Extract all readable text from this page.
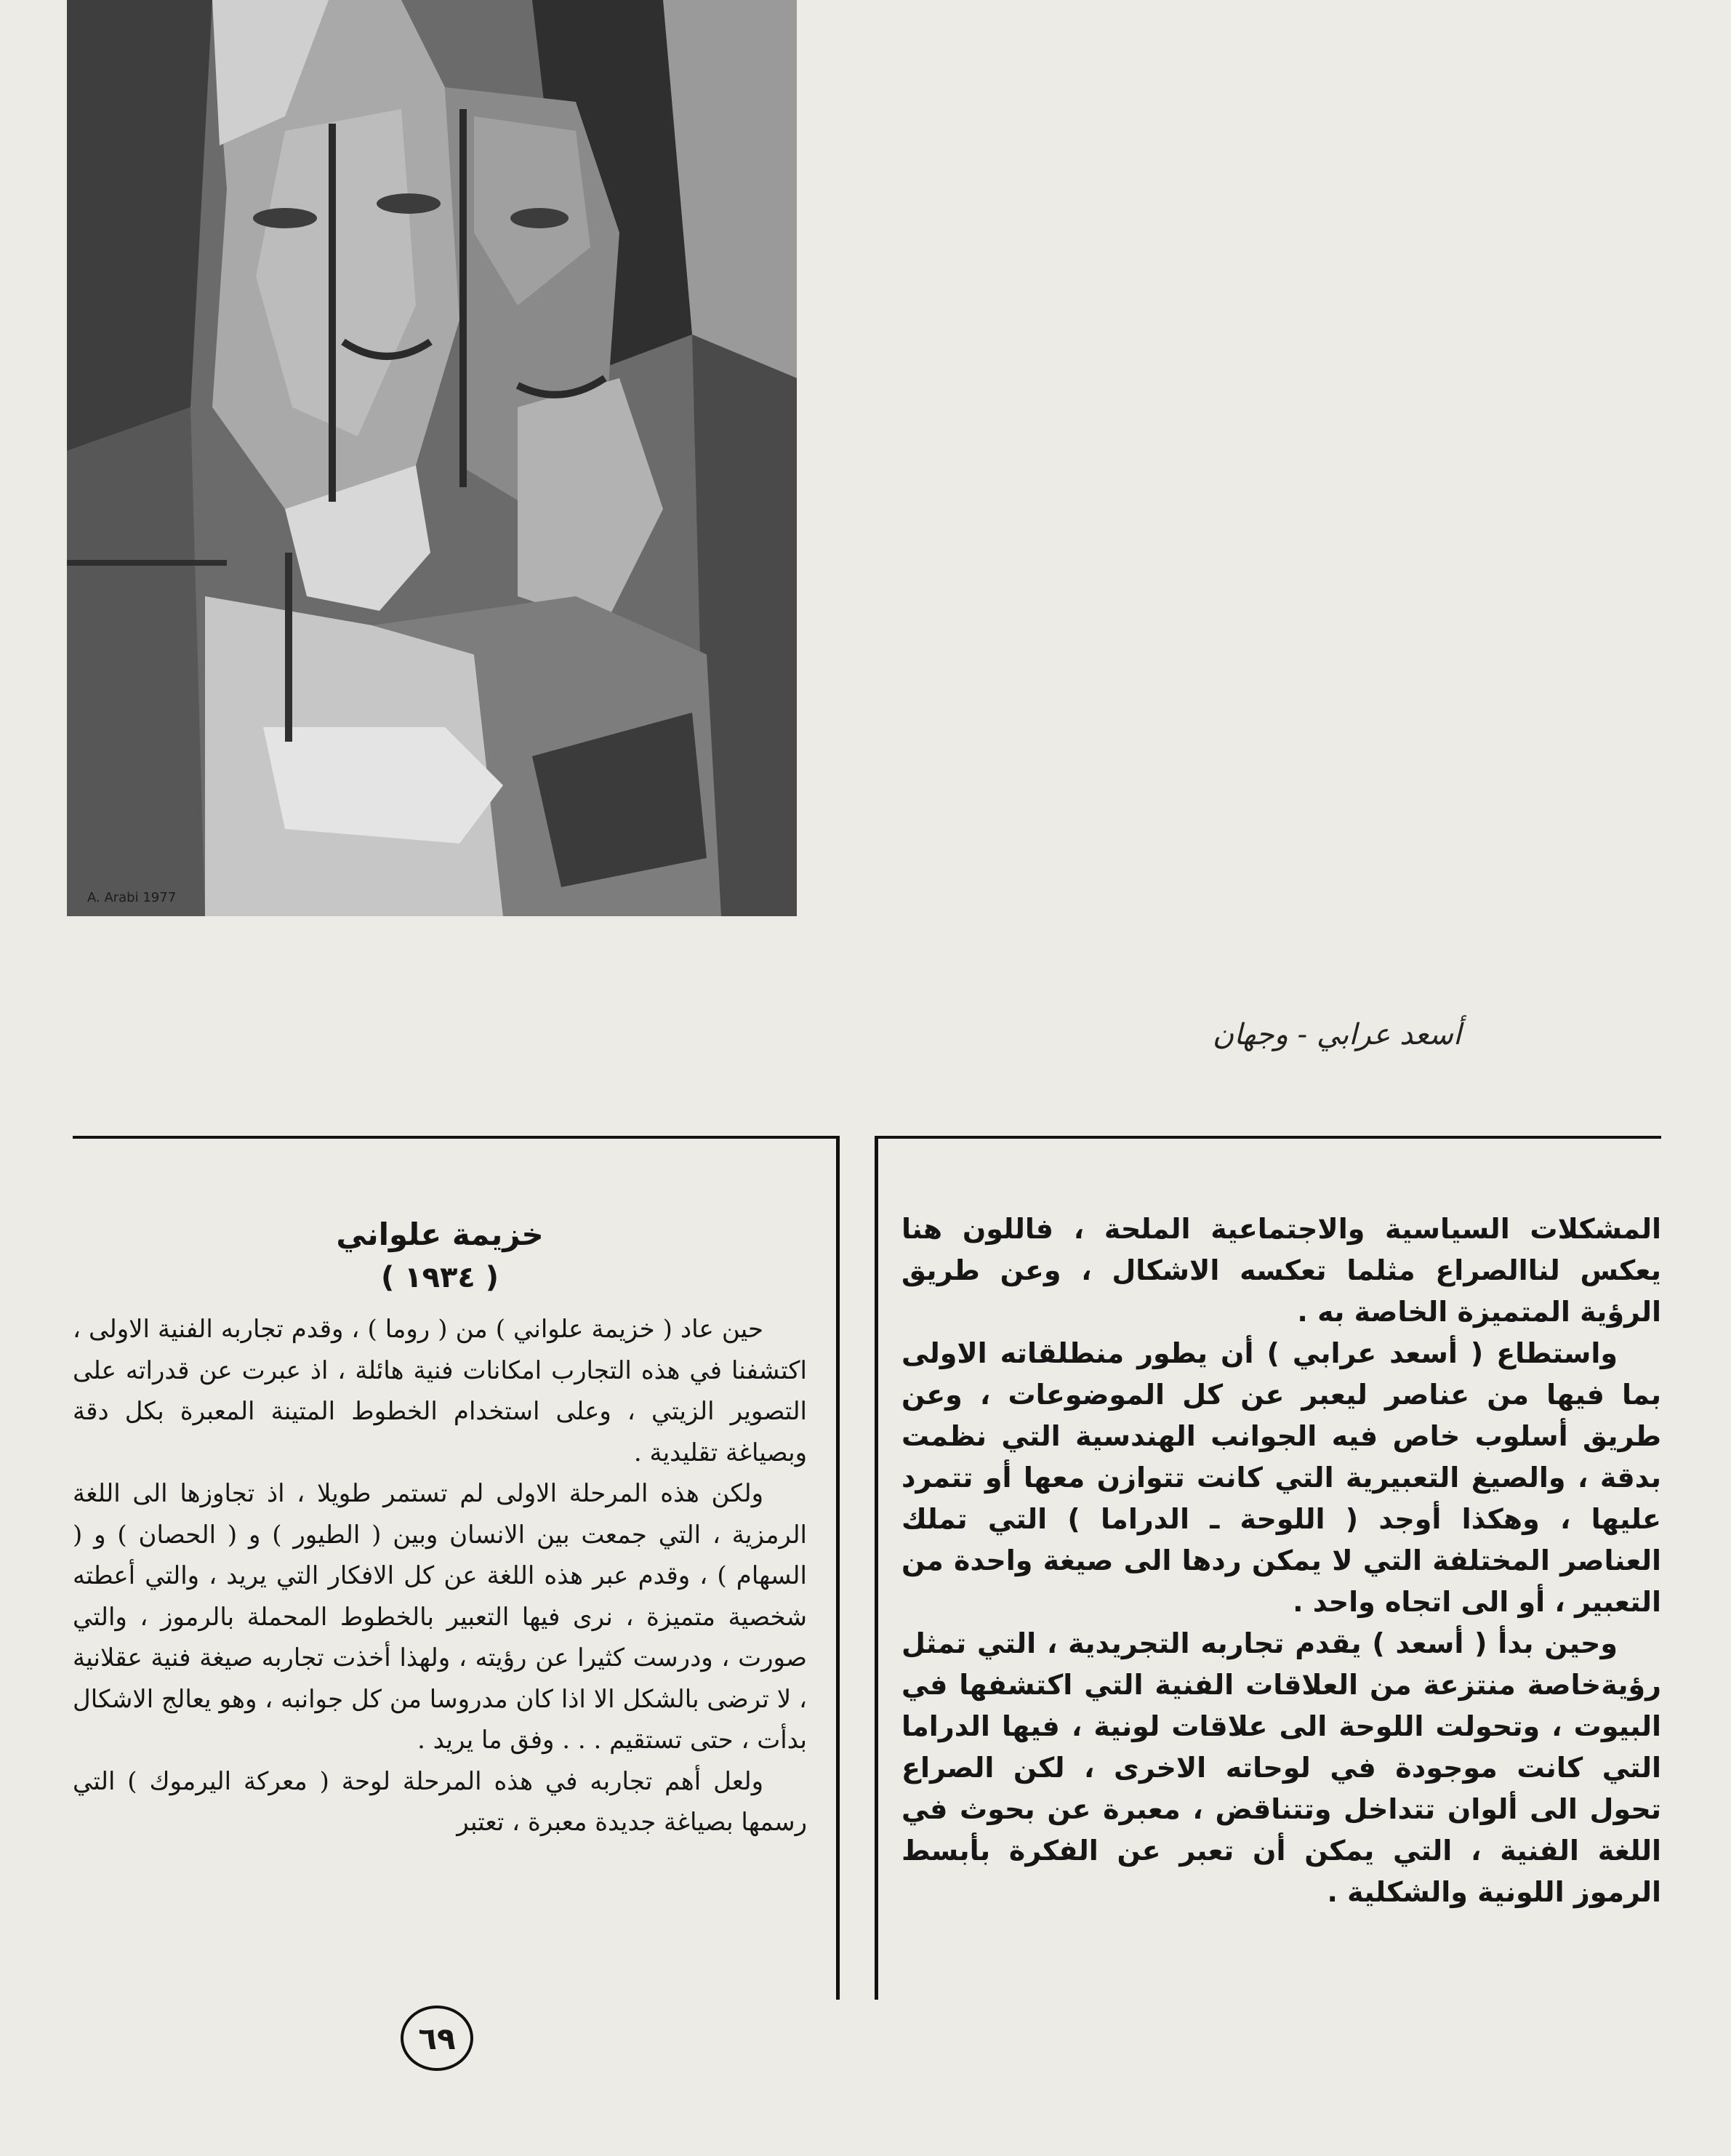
A. Arabi 1977
أسعد عرابي - وجهان

المشكلات السياسية والاجتماعية الملحة ، فاللون هنا يعكس لناالصراع مثلما تعكسه الاشكال ، وعن طريق الرؤية المتميزة الخاصة به .

واستطاع ( أسعد عرابي ) أن يطور منطلقاته الاولى بما فيها من عناصر ليعبر عن كل الموضوعات ، وعن طريق أسلوب خاص فيه الجوانب الهندسية التي نظمت بدقة ، والصيغ التعبيرية التي كانت تتوازن معها أو تتمرد عليها ، وهكذا أوجد ( اللوحة ـ الدراما ) التي تملك العناصر المختلفة التي لا يمكن ردها الى صيغة واحدة من التعبير ، أو الى اتجاه واحد .

وحين بدأ ( أسعد ) يقدم تجاربه التجريدية ، التي تمثل رؤيةخاصة منتزعة من العلاقات الفنية التي اكتشفها في البيوت ، وتحولت اللوحة الى علاقات لونية ، فيها الدراما التي كانت موجودة في لوحاته الاخرى ، لكن الصراع تحول الى ألوان تتداخل وتتناقض ، معبرة عن بحوث في اللغة الفنية ، التي يمكن أن تعبر عن الفكرة بأبسط الرموز اللونية والشكلية .

خزيمة علواني
( ١٩٣٤ )

حين عاد ( خزيمة علواني ) من ( روما ) ، وقدم تجاربه الفنية الاولى ، اكتشفنا في هذه التجارب امكانات فنية هائلة ، اذ عبرت عن قدراته على التصوير الزيتي ، وعلى استخدام الخطوط المتينة المعبرة بكل دقة وبصياغة تقليدية .

ولكن هذه المرحلة الاولى لم تستمر طويلا ، اذ تجاوزها الى اللغة الرمزية ، التي جمعت بين الانسان وبين ( الطيور ) و ( الحصان ) و ( السهام ) ، وقدم عبر هذه اللغة عن كل الافكار التي يريد ، والتي أعطته شخصية متميزة ، نرى فيها التعبير بالخطوط المحملة بالرموز ، والتي صورت ، ودرست كثيرا عن رؤيته ، ولهذا أخذت تجاربه صيغة فنية عقلانية ، لا ترضى بالشكل الا اذا كان مدروسا من كل جوانبه ، وهو يعالج الاشكال بدأت ، حتى تستقيم . . . وفق ما يريد .

ولعل أهم تجاربه في هذه المرحلة لوحة ( معركة اليرموك ) التي رسمها بصياغة جديدة معبرة ، تعتبر

٦٩
